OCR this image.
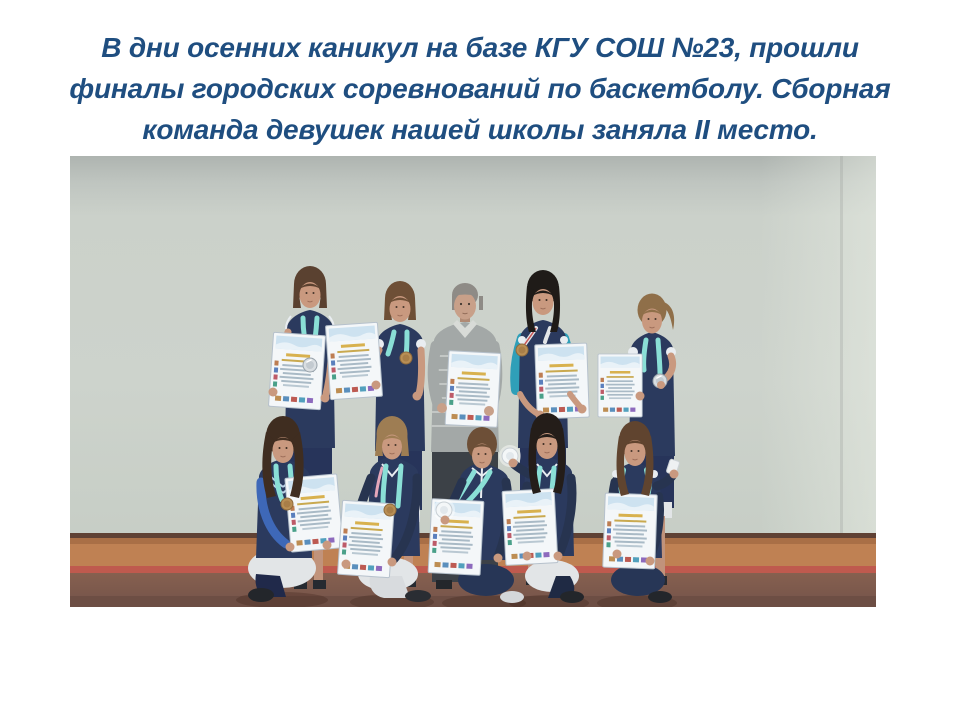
В дни осенних каникул на базе КГУ СОШ №23, прошли
финалы городских соревнований по баскетболу. Сборная
команда девушек нашей школы заняла II место.
